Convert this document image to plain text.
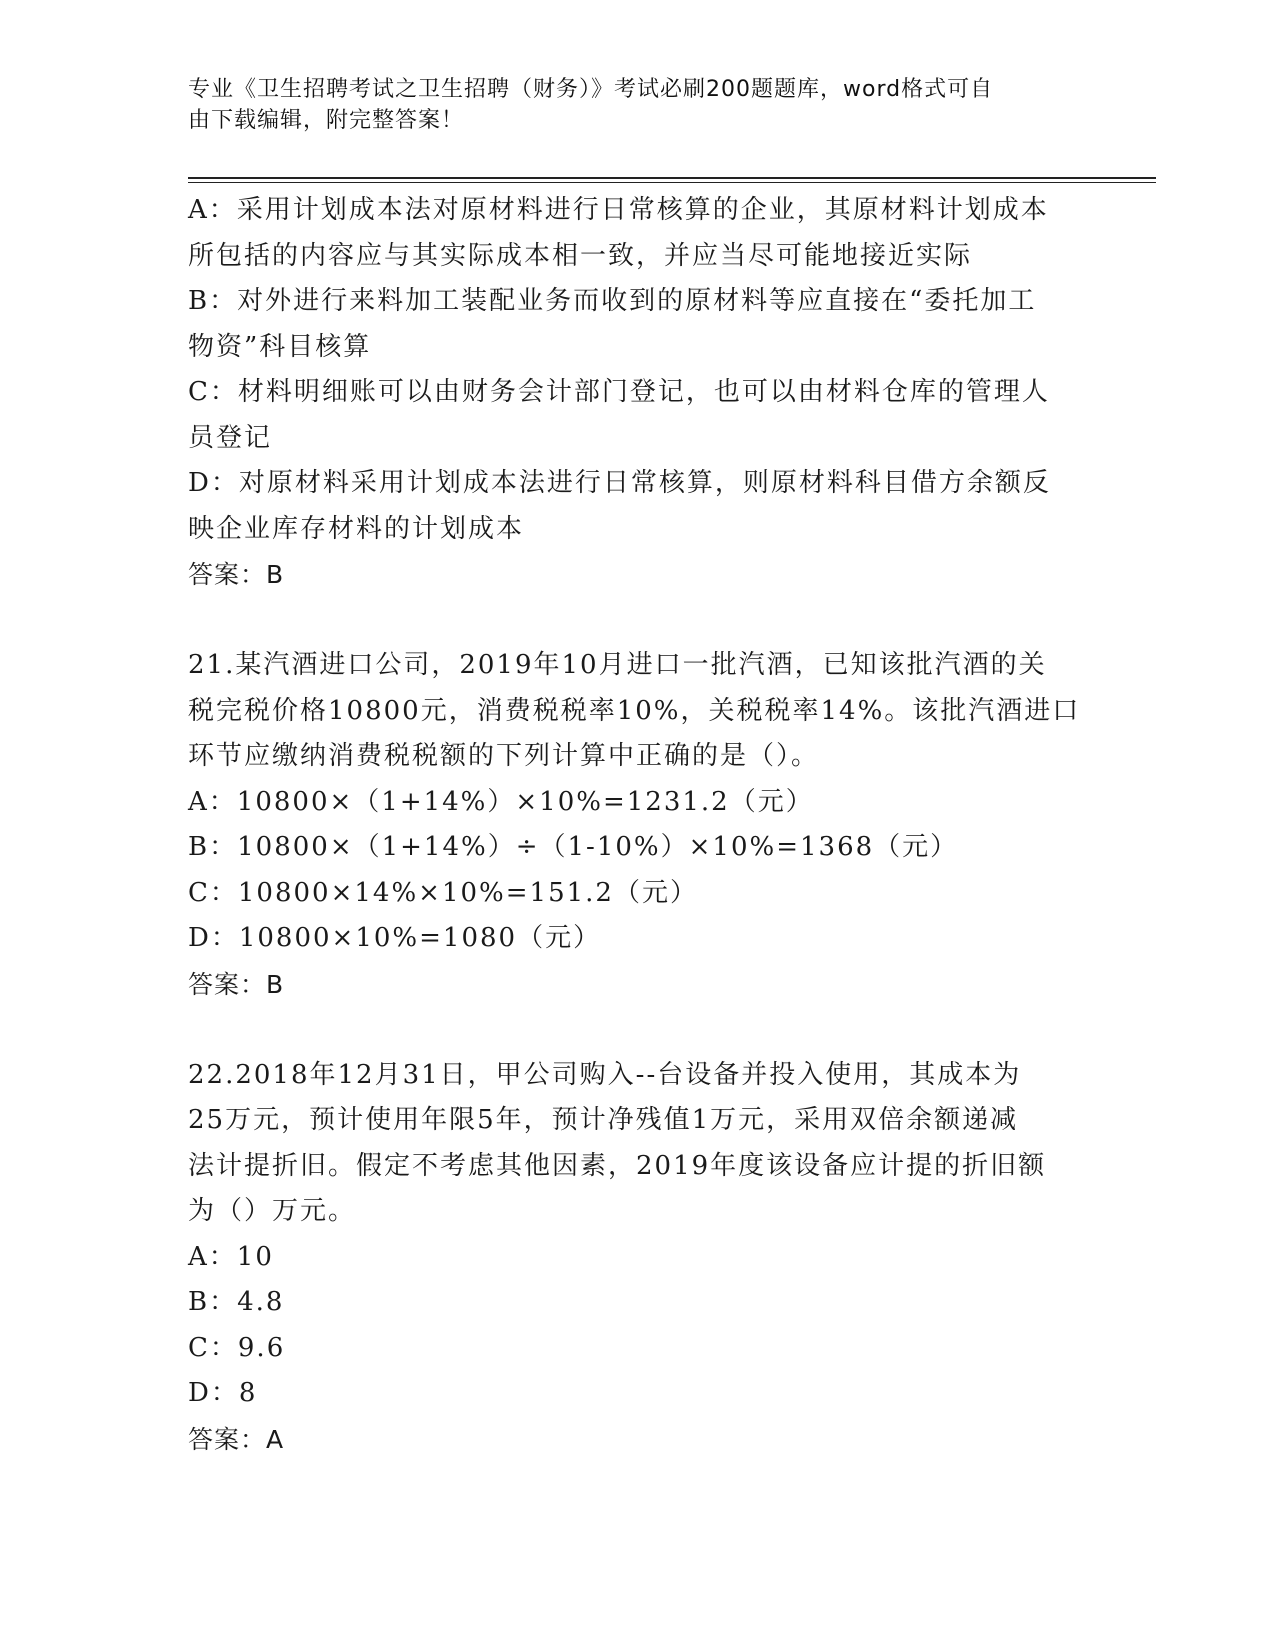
专业《卫生招聘考试之卫生招聘（财务）》考试必刷200题题库，word格式可自
由下载编辑，附完整答案！
A：采用计划成本法对原材料进行日常核算的企业，其原材料计划成本
所包括的内容应与其实际成本相一致，并应当尽可能地接近实际
B：对外进行来料加工装配业务而收到的原材料等应直接在“委托加工
物资”科目核算
C：材料明细账可以由财务会计部门登记，也可以由材料仓库的管理人
员登记
D：对原材料采用计划成本法进行日常核算，则原材料科目借方余额反
映企业库存材料的计划成本
答案：B
21.某汽酒进口公司，2019年10月进口一批汽酒，已知该批汽酒的关
税完税价格10800元，消费税税率10%，关税税率14%。该批汽酒进口
环节应缴纳消费税税额的下列计算中正确的是（）。
A：10800×（1+14%）×10%=1231.2（元）
B：10800×（1+14%）÷（1-10%）×10%=1368（元）
C：10800×14%×10%=151.2（元）
D：10800×10%=1080（元）
答案：B
22.2018年12月31日，甲公司购入--台设备并投入使用，其成本为
25万元，预计使用年限5年，预计净残值1万元，采用双倍余额递减
法计提折旧。假定不考虑其他因素，2019年度该设备应计提的折旧额
为（）万元。
A：10
B：4.8
C：9.6
D：8
答案：A
